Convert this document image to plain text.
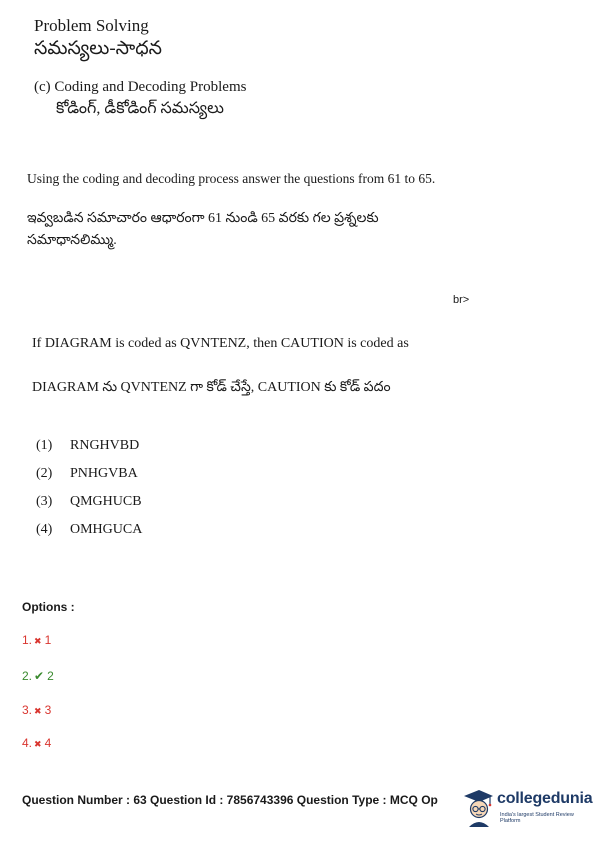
Problem Solving
సమస్యలు-సాధన
(c) Coding and Decoding Problems
కోడింగ్, డీకోడింగ్ సమస్యలు
Using the coding and decoding process answer the questions from 61 to 65.
ఇవ్వబడిన సమాచారం ఆధారంగా 61 నుండి 65 వరకు గల ప్రశ్నలకు సమాధానలిమ్ము.
br>
If DIAGRAM is coded as QVNTENZ, then CAUTION is coded as
DIAGRAM ను QVNTENZ గా కోడ్ చేస్తే, CAUTION కు కోడ్ పదం
(1) RNGHVBD
(2) PNHGVBA
(3) QMGHUCB
(4) OMHGUCA
Options :
1. ✖ 1
2. ✔ 2
3. ✖ 3
4. ✖ 4
Question Number : 63 Question Id : 7856743396 Question Type : MCQ Op	collegedunia
India's largest Student Review Platform
